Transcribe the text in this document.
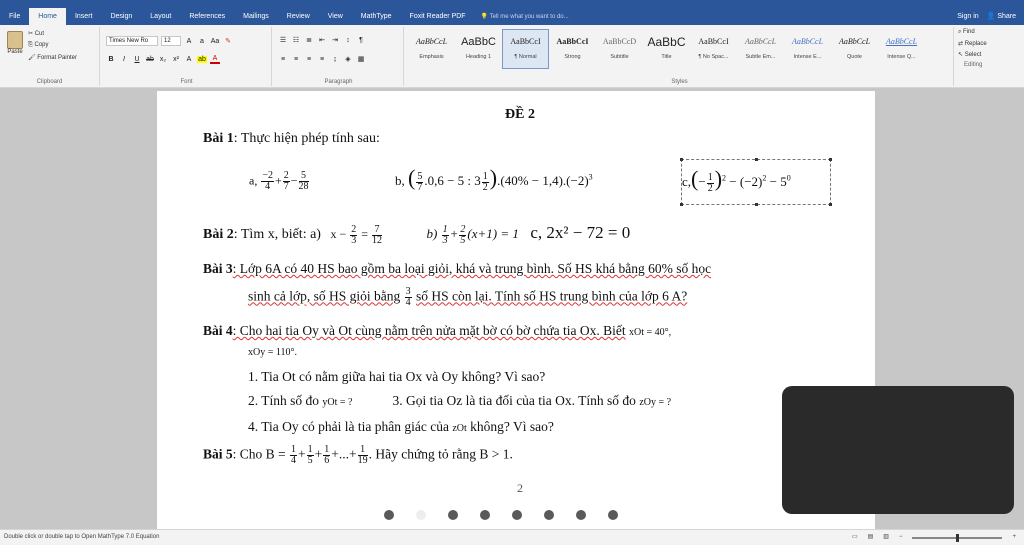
File	Home	Insert	Design	Layout	References	Mailings	Review	View	MathType	Foxit Reader PDF	💡 Tell me what you want to do...	Sign in 👤 Share
Paste
✂ Cut
⎘ Copy
🖌 Format Painter
Clipboard
Times New Ro	12	A	a Aa ✎
B	I	U ab x₂ x²	A ab A
Font
☰ ☷ ≣ ⇤ ⇥	↕	¶
≡	≡	≡	≡	↨	◈	▦
Paragraph	Styles
AaBbCcL
Emphasis
AaBbC
Heading 1
AaBbCcI
¶ Normal
AaBbCcI
Strong
AaBbCcD
Subtitle
AaBbC
Title
AaBbCcI
¶ No Spac...
AaBbCcL
Subtle Em...
AaBbCcL
Intense E...
AaBbCcL
Quote
AaBbCcL
Intense Q...
⌕ Find
⇄ Replace
↖ Select
Editing
ĐỀ 2
Bài 1: Thực hiện phép tính sau:
a, $\frac{-2}{4} + \frac{2}{7} - \frac{5}{28}$	b, ( $\frac{5}{7} .0,6 - 5$ : $3 \frac{1}{2} ).(40\% - 1,4).(-2)^3$	$c,(- \frac{1}{2} )^2 - (-2)^2 - 5^0$
Bài 2: Tìm x, biết: a) $x - \frac{2}{3} = \frac{7}{12}$	$b) \frac{1}{3} + \frac{2}{5} (x+1) = 1$ c, 2x² − 72 = 0
Bài 3: Lớp 6A có 40 HS bao gồm ba loại giỏi, khá và trung bình. Số HS khá bằng 60% số học
sinh cả lớp, số HS giỏi bằng $\frac{3}{4}$ số HS còn lại. Tính số HS trung bình của lớp 6 A?
Bài 4: Cho hai tia Oy và Ot cùng nằm trên nửa mặt bờ có bờ chứa tia Ox. Biết xOt = 40°,
xOy = 110°.
1. Tia Ot có nằm giữa hai tia Ox và Oy không? Vì sao?
2. Tính số đo yOt = ?	3. Gọi tia Oz là tia đối của tia Ox. Tính số đo zOy = ?
4. Tia Oy có phải là tia phân giác của zOt không? Vì sao?
Bài 5: Cho $B = \frac{1}{4} + \frac{1}{5} + \frac{1}{6}$ +...+ $\frac{1}{19}$ . Hãy chứng tỏ rằng B > 1.
2
Double click or double tap to Open MathType 7.0 Equation	▭ ▤ ▥ −	+
